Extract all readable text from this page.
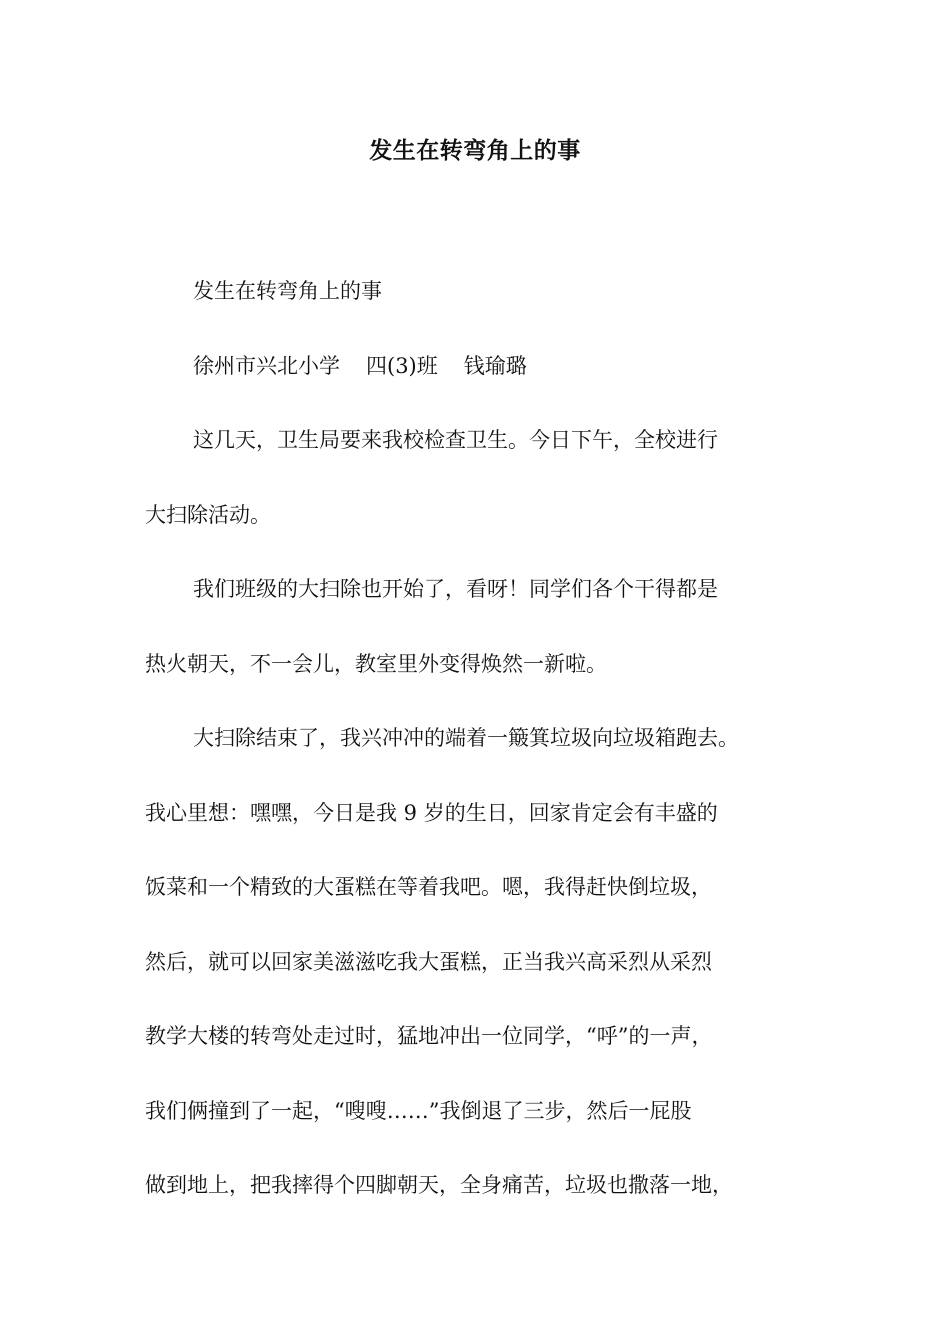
发生在转弯角上的事
发生在转弯角上的事
徐州市兴北小学 四(3)班 钱瑜璐
这几天，卫生局要来我校检查卫生。今日下午，全校进行
大扫除活动。
我们班级的大扫除也开始了，看呀！同学们各个干得都是
热火朝天，不一会儿，教室里外变得焕然一新啦。
大扫除结束了，我兴冲冲的端着一簸箕垃圾向垃圾箱跑去。
我心里想：嘿嘿，今日是我 9 岁的生日，回家肯定会有丰盛的
饭菜和一个精致的大蛋糕在等着我吧。嗯，我得赶快倒垃圾，
然后，就可以回家美滋滋吃我大蛋糕，正当我兴高采烈从采烈
教学大楼的转弯处走过时，猛地冲出一位同学，“呼”的一声，
我们俩撞到了一起，“嗖嗖……”我倒退了三步，然后一屁股
做到地上，把我摔得个四脚朝天，全身痛苦，垃圾也撒落一地，
